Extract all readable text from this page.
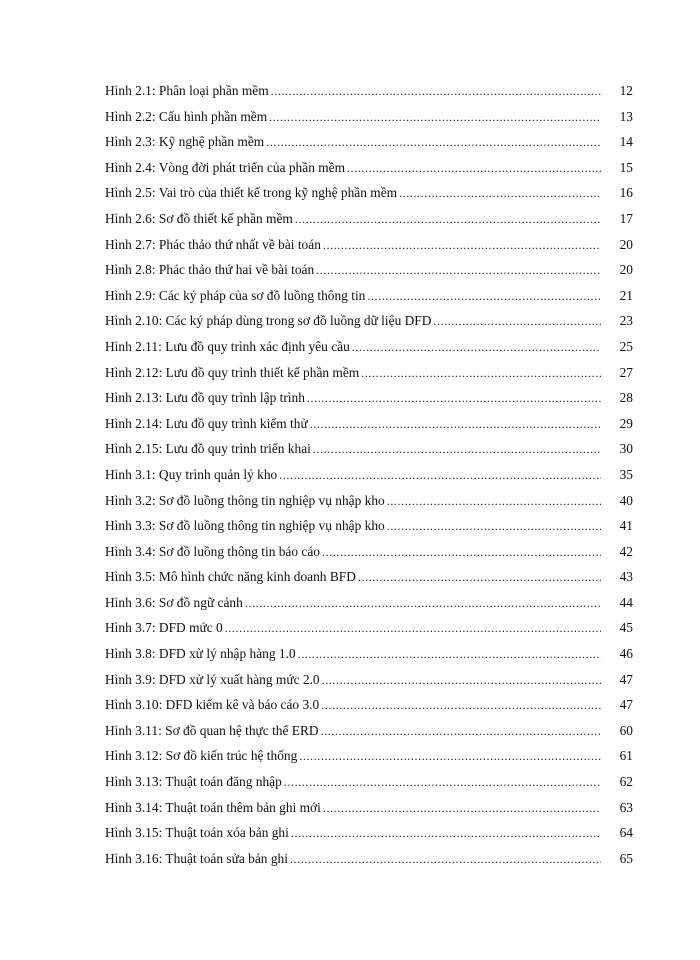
Hình 2.1: Phân loại phần mềm .....	12
Hình 2.2: Cấu hình phần mềm .....	13
Hình 2.3: Kỹ nghệ phần mềm .....	14
Hình 2.4: Vòng đời phát triển của phần mềm .....	15
Hình 2.5: Vai trò của thiết kế trong kỹ nghệ phần mềm .....	16
Hình 2.6: Sơ đồ thiết kế phần mềm .....	17
Hình 2.7: Phác thảo thứ nhất về bài toán .....	20
Hình 2.8: Phác thảo thứ hai về bài toán .....	20
Hình 2.9: Các ký pháp của sơ đồ luồng thông tin .....	21
Hình 2.10: Các ký pháp dùng trong sơ đồ luồng dữ liệu DFD .....	23
Hình 2.11: Lưu đồ quy trình xác định yêu cầu .....	25
Hình 2.12: Lưu đồ quy trình thiết kế phần mềm .....	27
Hình 2.13: Lưu đồ quy trình lập trình .....	28
Hình 2.14: Lưu đồ quy trình kiểm thử .....	29
Hình 2.15: Lưu đồ quy trình triển khai .....	30
Hình 3.1: Quy trình quản lý kho .....	35
Hình 3.2: Sơ đồ luồng thông tin nghiệp vụ nhập kho .....	40
Hình 3.3: Sơ đồ luồng thông tin nghiệp vụ nhập kho .....	41
Hình 3.4: Sơ đồ luồng thông tin báo cáo .....	42
Hình 3.5: Mô hình chức năng kinh doanh BFD .....	43
Hình 3.6: Sơ đồ ngữ cảnh .....	44
Hình 3.7: DFD mức 0 .....	45
Hình 3.8: DFD xử lý nhập hàng 1.0 .....	46
Hình 3.9: DFD xử lý xuất hàng mức 2.0 .....	47
Hình 3.10: DFD kiểm kê và báo cáo 3.0 .....	47
Hình 3.11: Sơ đồ quan hệ thực thể ERD .....	60
Hình 3.12: Sơ đồ kiến trúc hệ thống .....	61
Hình 3.13: Thuật toán đăng nhập .....	62
Hình 3.14: Thuật toán thêm bản ghi mới .....	63
Hình 3.15: Thuật toán xóa bản ghi .....	64
Hình 3.16: Thuật toán sửa bản ghi .....	65
